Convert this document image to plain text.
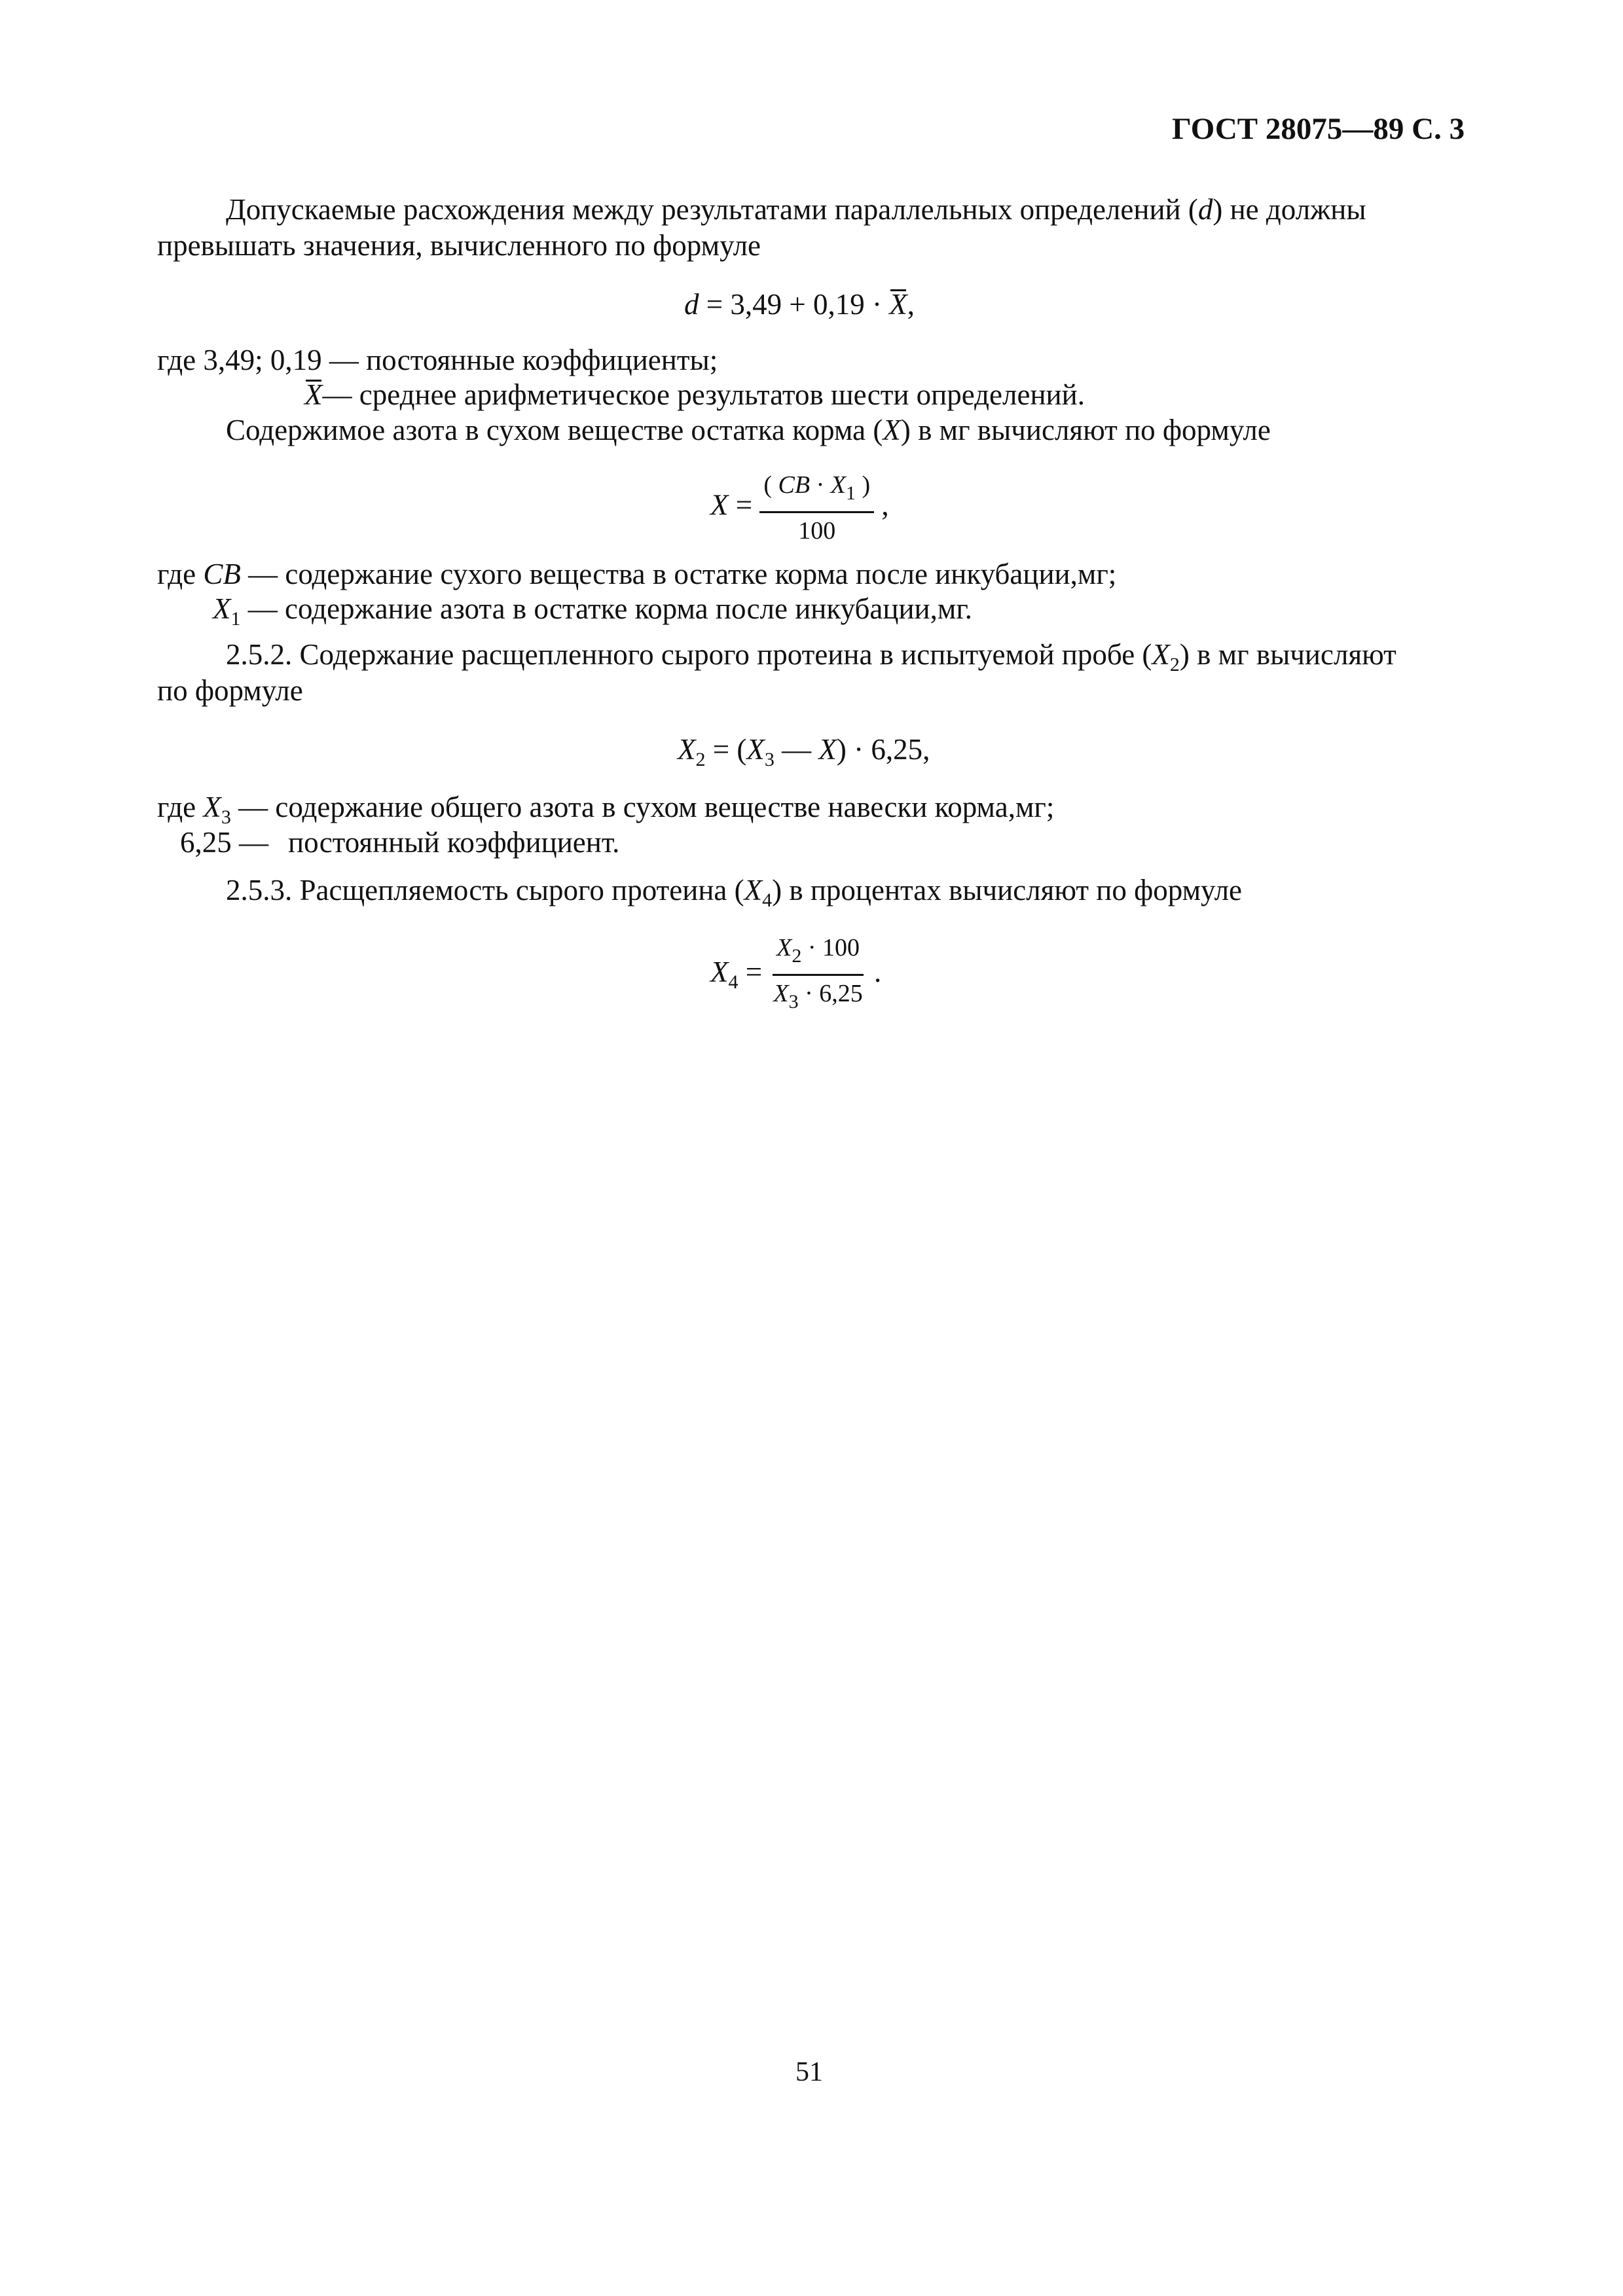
ГОСТ 28075—89 С. 3
Допускаемые расхождения между результатами параллельных определений (d) не должны
превышать значения, вычисленного по формуле
d = 3,49 + 0,19 · X,
где 3,49; 0,19 — постоянные коэффициенты;
X— среднее арифметическое результатов шести определений.
Содержимое азота в сухом веществе остатка корма (X) в мг вычисляют по формуле
$X = \frac{( CB \cdot X_1 )}{100}$ ,
где CB — содержание сухого вещества в остатке корма после инкубации,мг;
$X_1$ — содержание азота в остатке корма после инкубации,мг.
2.5.2. Содержание расщепленного сырого протеина в испытуемой пробе $(X_2)$ в мг вычисляют
по формуле
$X_2 = (X_3$ — X) · 6,25,
где $X_3$ — содержание общего азота в сухом веществе навески корма,мг;
6,25 — постоянный коэффициент.
2.5.3. Расщепляемость сырого протеина $(X_4)$ в процентах вычисляют по формуле
$X_4 = \frac{X_2 \cdot 100}{X_3 \cdot 6,25}$ .
51
